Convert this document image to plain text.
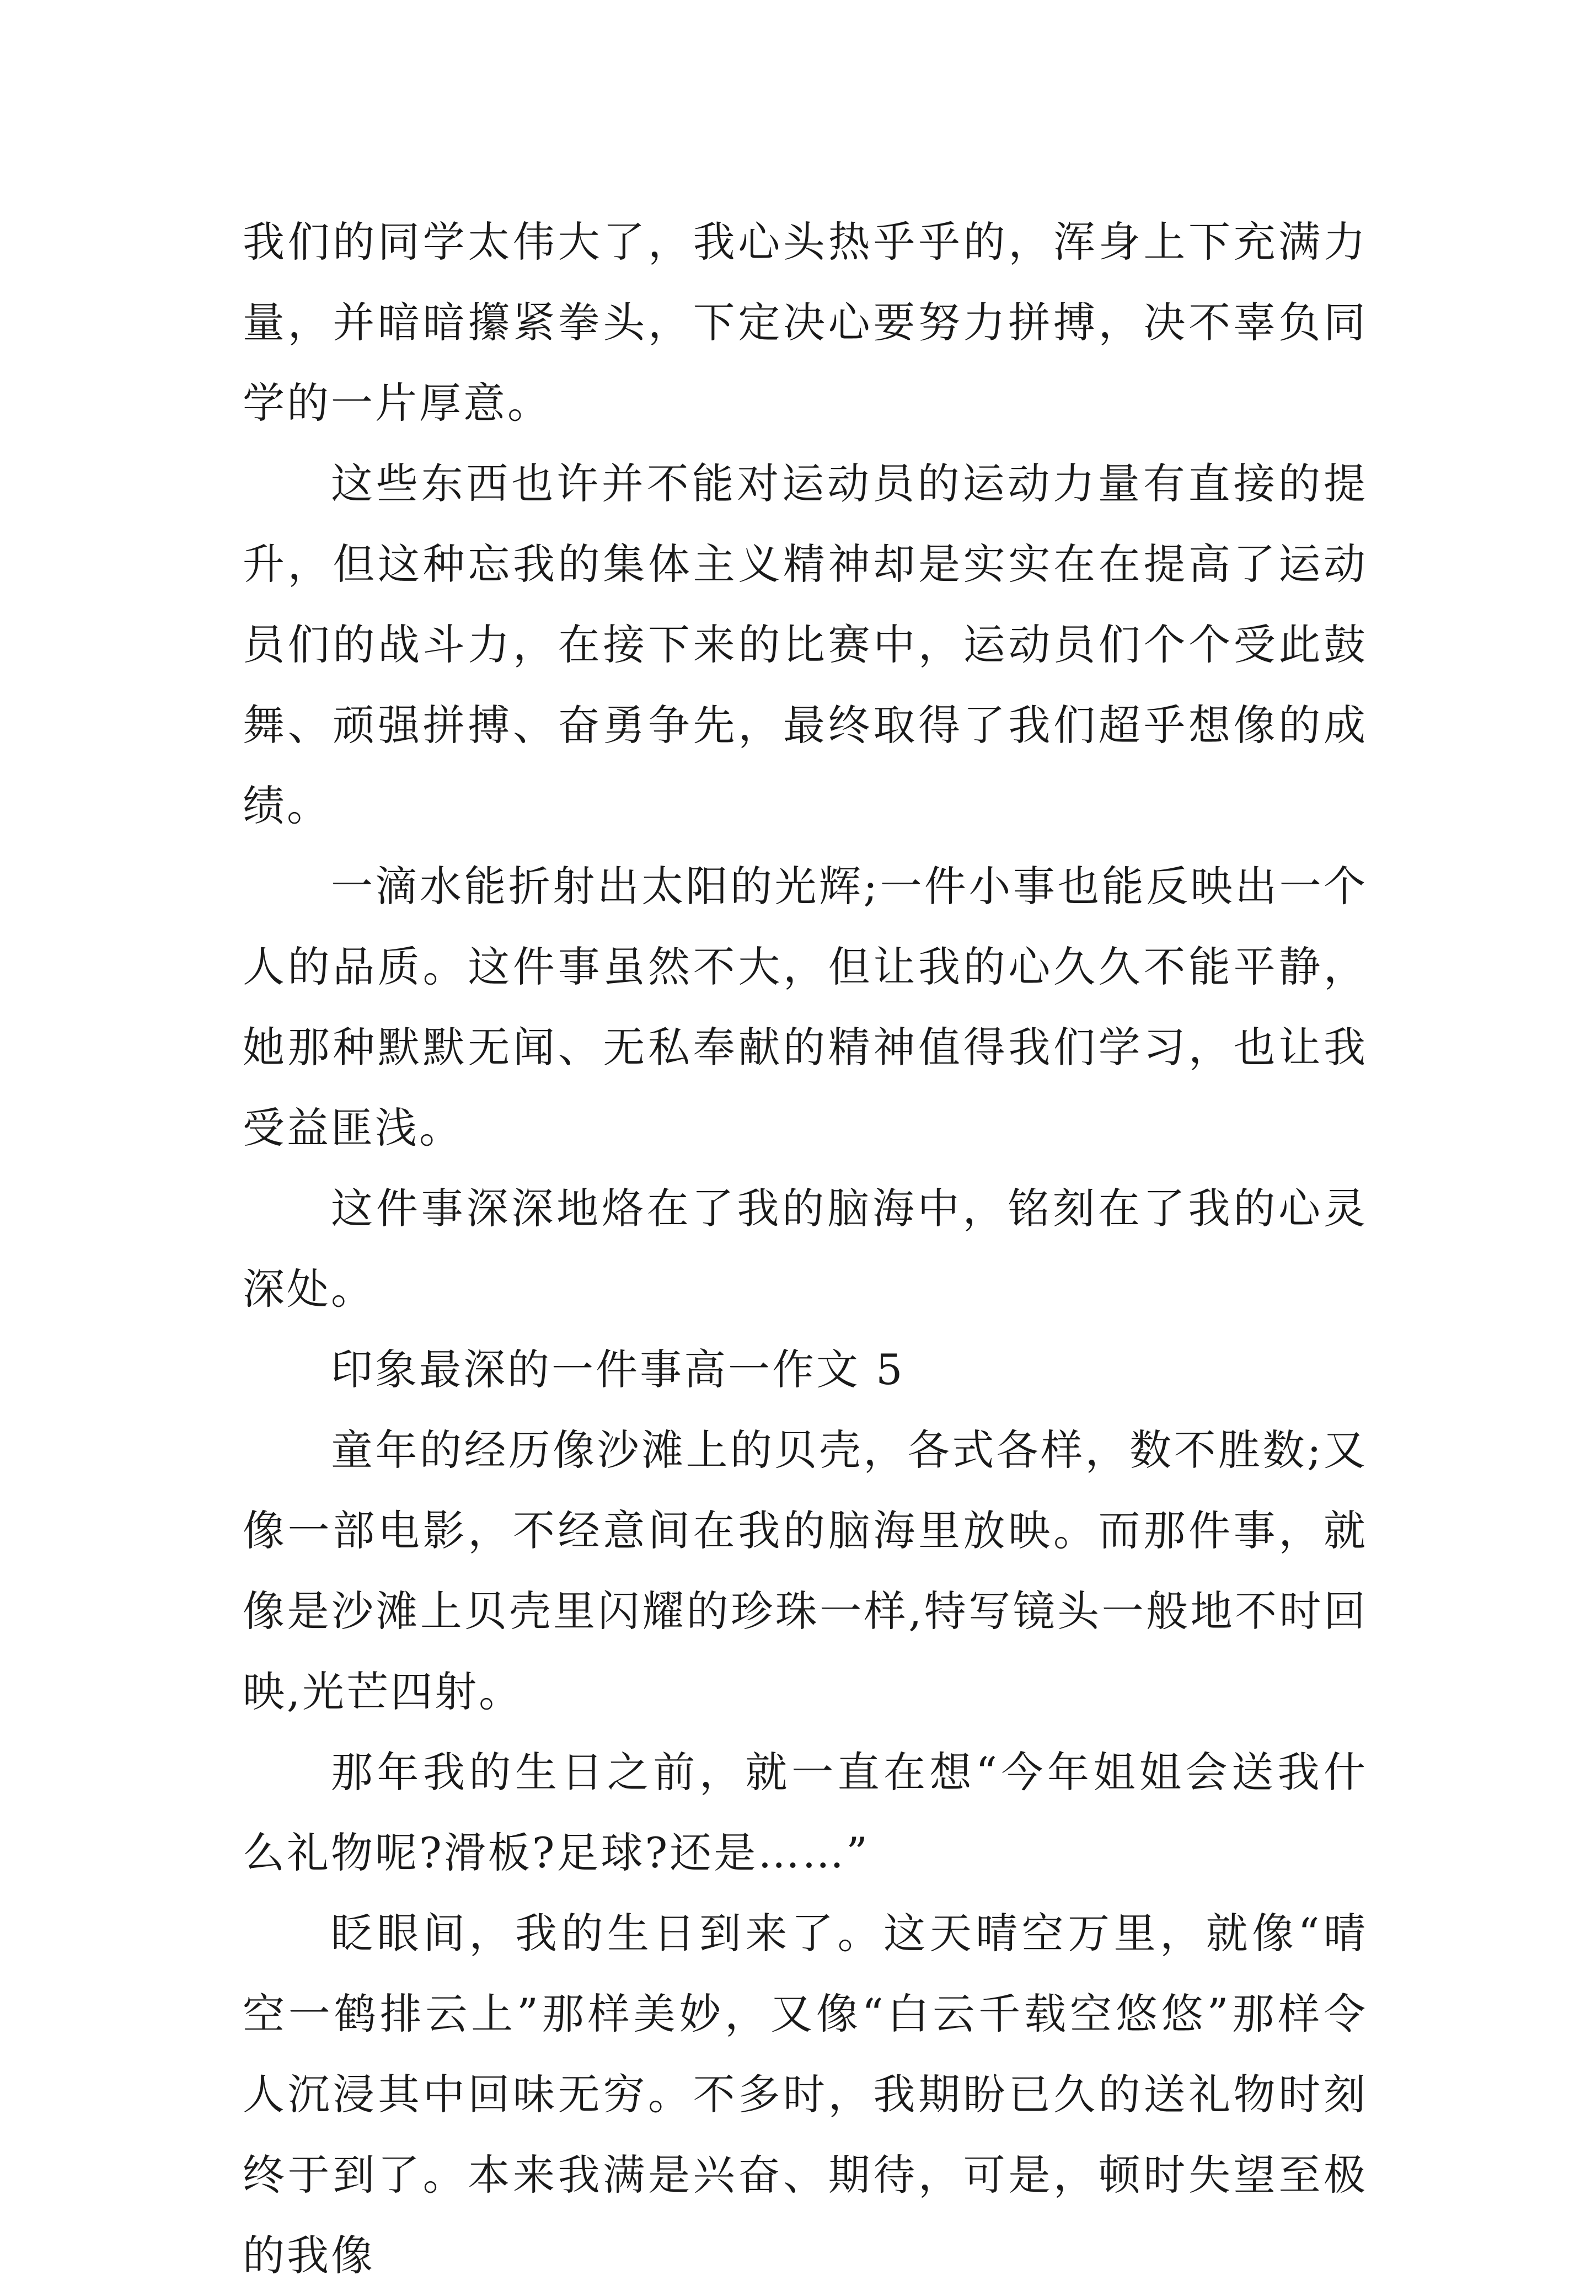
我们的同学太伟大了，我心头热乎乎的，浑身上下充满力量，并暗暗攥紧拳头，下定决心要努力拼搏，决不辜负同学的一片厚意。

这些东西也许并不能对运动员的运动力量有直接的提升，但这种忘我的集体主义精神却是实实在在提高了运动员们的战斗力，在接下来的比赛中，运动员们个个受此鼓舞、顽强拼搏、奋勇争先，最终取得了我们超乎想像的成绩。

一滴水能折射出太阳的光辉;一件小事也能反映出一个人的品质。这件事虽然不大，但让我的心久久不能平静，她那种默默无闻、无私奉献的精神值得我们学习，也让我受益匪浅。

这件事深深地烙在了我的脑海中，铭刻在了我的心灵深处。

印象最深的一件事高一作文 5

童年的经历像沙滩上的贝壳，各式各样，数不胜数;又像一部电影，不经意间在我的脑海里放映。而那件事，就像是沙滩上贝壳里闪耀的珍珠一样,特写镜头一般地不时回映,光芒四射。

那年我的生日之前，就一直在想“今年姐姐会送我什么礼物呢?滑板?足球?还是……”

眨眼间，我的生日到来了。这天晴空万里，就像“晴空一鹤排云上”那样美妙，又像“白云千载空悠悠”那样令人沉浸其中回味无穷。不多时，我期盼已久的送礼物时刻终于到了。本来我满是兴奋、期待，可是，顿时失望至极的我像
